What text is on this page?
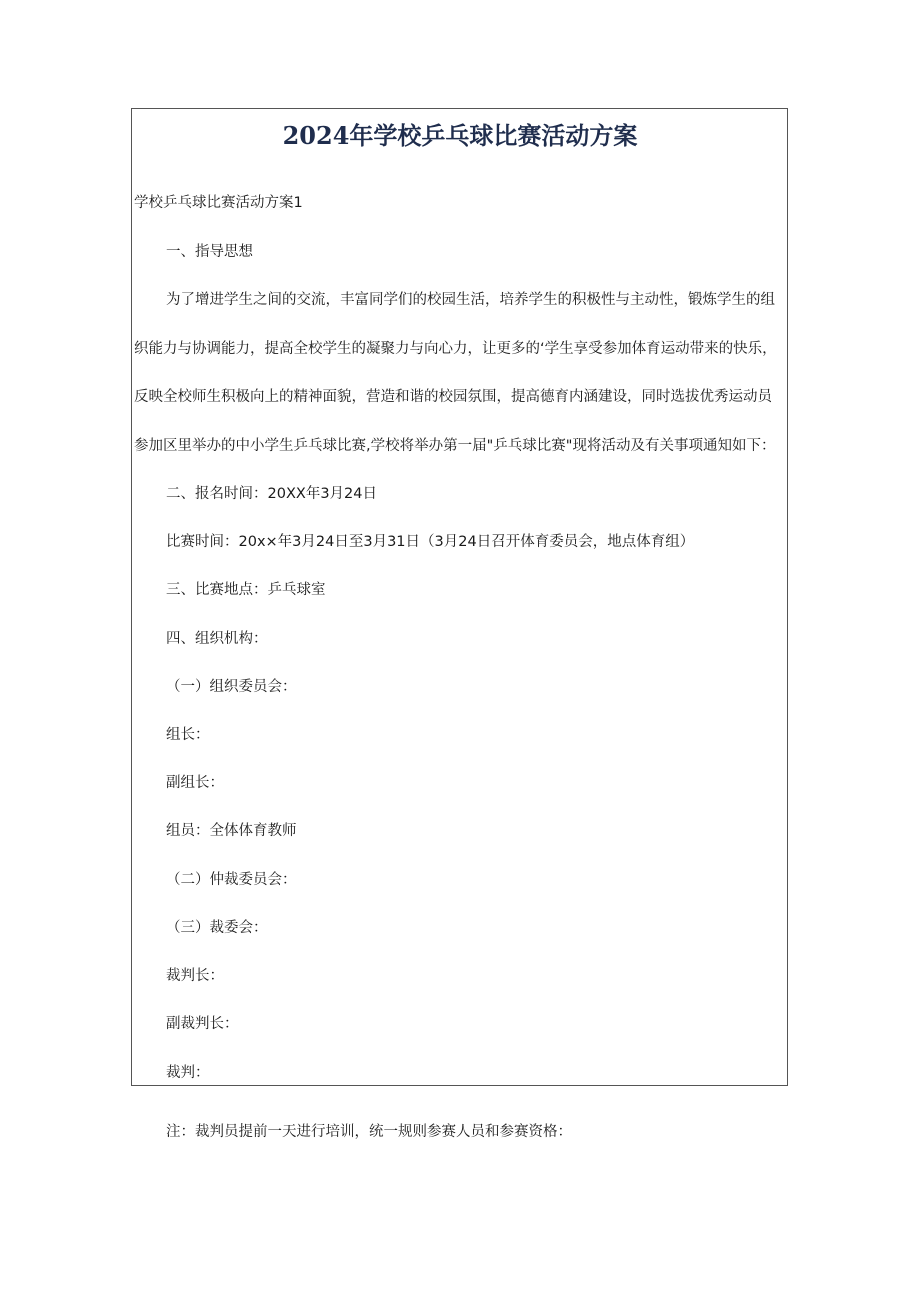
2024年学校乒乓球比赛活动方案
学校乒乓球比赛活动方案1
一、指导思想
为了增进学生之间的交流，丰富同学们的校园生活，培养学生的积极性与主动性，锻炼学生的组
织能力与协调能力，提高全校学生的凝聚力与向心力，让更多的‘学生享受参加体育运动带来的快乐，
反映全校师生积极向上的精神面貌，营造和谐的校园氛围，提高德育内涵建设，同时选拔优秀运动员
参加区里举办的中小学生乒乓球比赛,学校将举办第一届"乒乓球比赛"现将活动及有关事项通知如下：
二、报名时间：20XX年3月24日
比赛时间：20x×年3月24日至3月31日（3月24日召开体育委员会，地点体育组）
三、比赛地点：乒乓球室
四、组织机构：
（一）组织委员会：
组长：
副组长：
组员：全体体育教师
（二）仲裁委员会：
（三）裁委会：
裁判长：
副裁判长：
裁判：
注：裁判员提前一天进行培训，统一规则参赛人员和参赛资格：
